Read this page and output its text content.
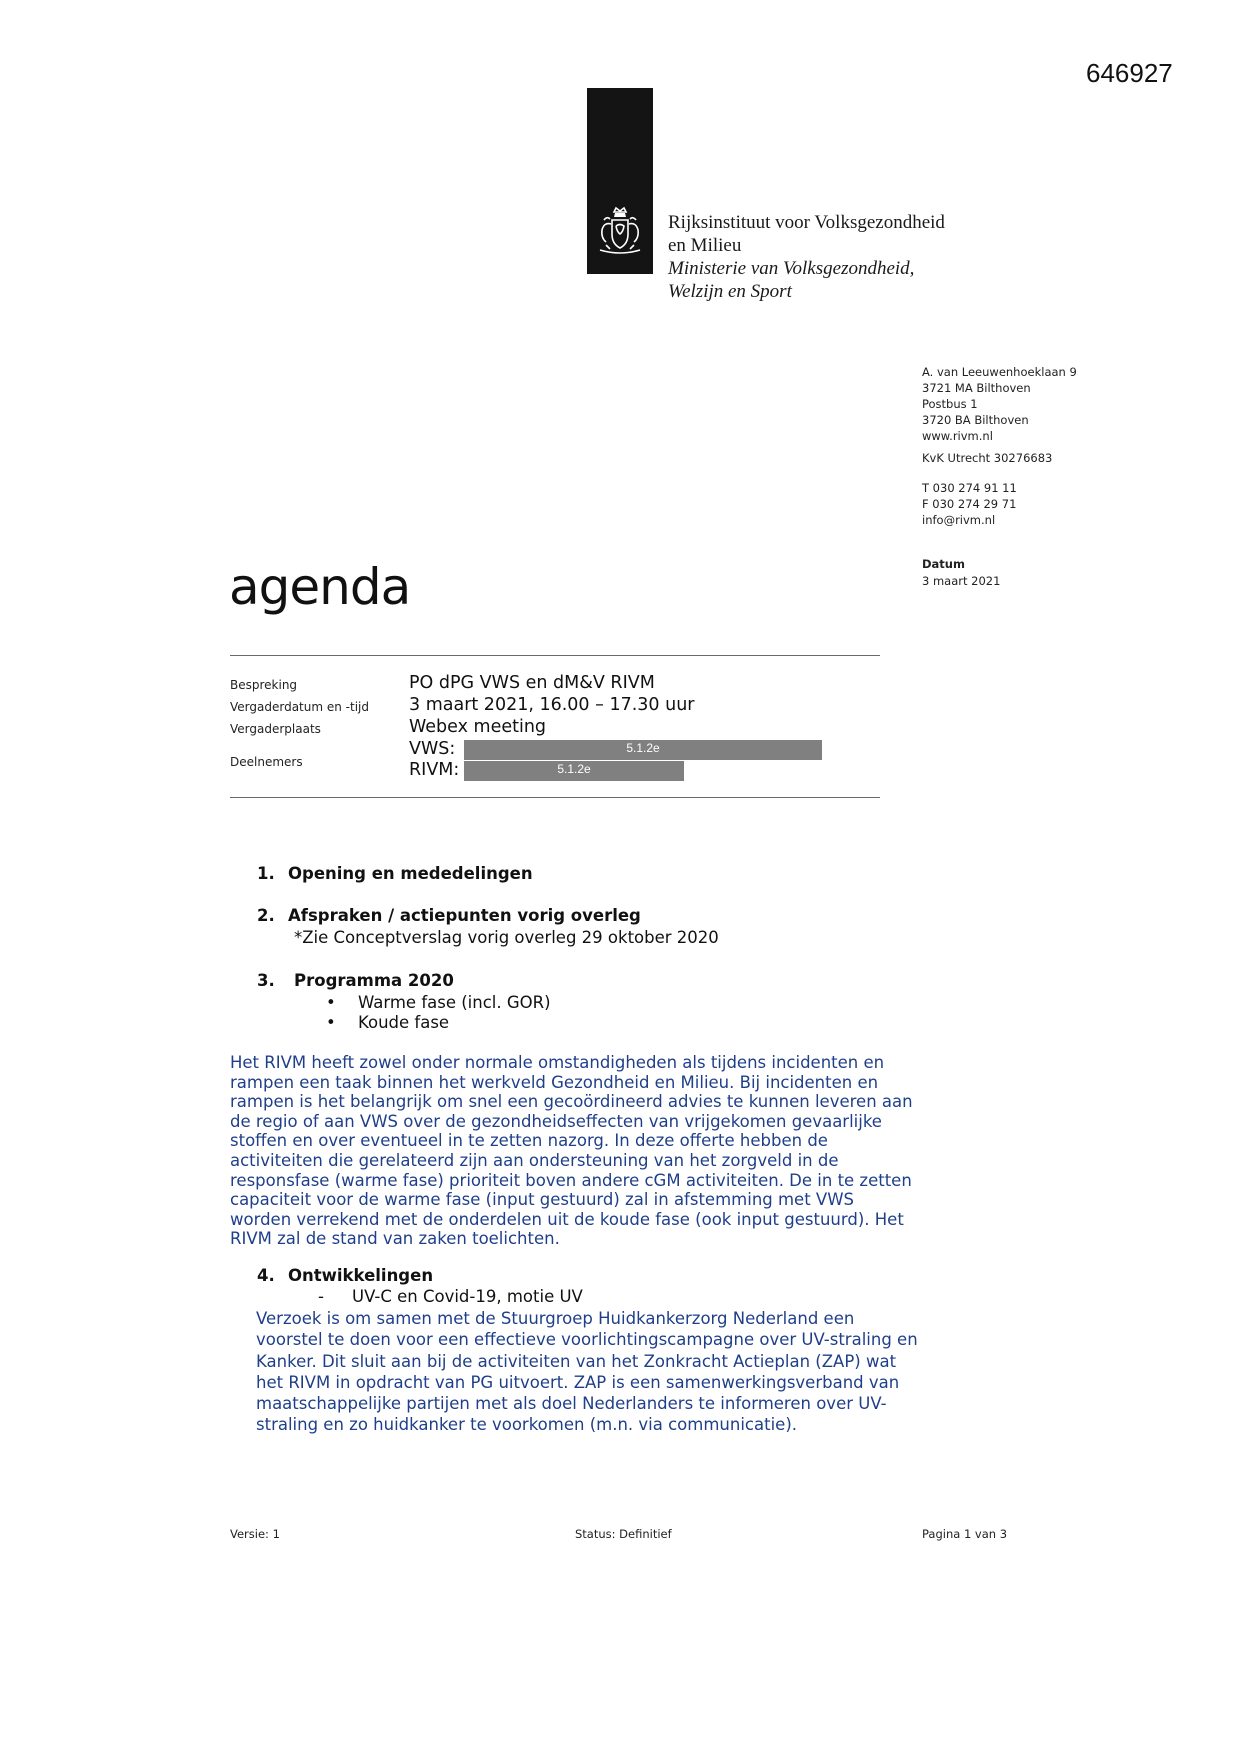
646927
Rijksinstituut voor Volksgezondheid
en Milieu
Ministerie van Volksgezondheid,
Welzijn en Sport
A. van Leeuwenhoeklaan 9
3721 MA Bilthoven
Postbus 1
3720 BA Bilthoven
www.rivm.nl
KvK Utrecht 30276683
T 030 274 91 11
F 030 274 29 71
info@rivm.nl
Datum
3 maart 2021
agenda
Bespreking	PO dPG VWS en dM&V RIVM
Vergaderdatum en -tijd 3 maart 2021, 16.00 – 17.30 uur
Vergaderplaats	Webex meeting
Deelnemers
VWS:	5.1.2e
RIVM:	5.1.2e
1. Opening en mededelingen
2. Afspraken / actiepunten vorig overleg
*Zie Conceptverslag vorig overleg 29 oktober 2020
3. Programma 2020
• Warme fase (incl. GOR)
• Koude fase
Het RIVM heeft zowel onder normale omstandigheden als tijdens incidenten en
rampen een taak binnen het werkveld Gezondheid en Milieu. Bij incidenten en
rampen is het belangrijk om snel een gecoördineerd advies te kunnen leveren aan
de regio of aan VWS over de gezondheidseffecten van vrijgekomen gevaarlijke
stoffen en over eventueel in te zetten nazorg. In deze offerte hebben de
activiteiten die gerelateerd zijn aan ondersteuning van het zorgveld in de
responsfase (warme fase) prioriteit boven andere cGM activiteiten. De in te zetten
capaciteit voor de warme fase (input gestuurd) zal in afstemming met VWS
worden verrekend met de onderdelen uit de koude fase (ook input gestuurd). Het
RIVM zal de stand van zaken toelichten.
4. Ontwikkelingen
- UV-C en Covid-19, motie UV
Verzoek is om samen met de Stuurgroep Huidkankerzorg Nederland een
voorstel te doen voor een effectieve voorlichtingscampagne over UV-straling en
Kanker. Dit sluit aan bij de activiteiten van het Zonkracht Actieplan (ZAP) wat
het RIVM in opdracht van PG uitvoert. ZAP is een samenwerkingsverband van
maatschappelijke partijen met als doel Nederlanders te informeren over UV-
straling en zo huidkanker te voorkomen (m.n. via communicatie).
Versie: 1	Status: Definitief	Pagina 1 van 3
